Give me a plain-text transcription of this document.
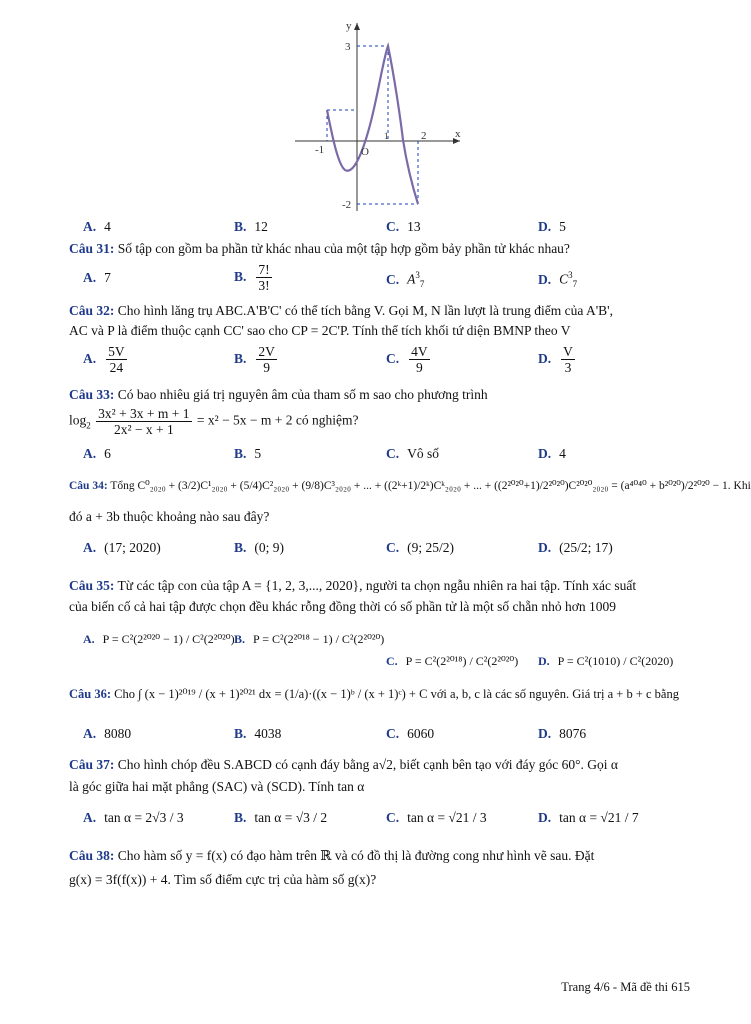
y
x
3
-2
-1
2
O
1
A. 4	B. 12	C. 13	D. 5
Câu 31: Số tập con gồm ba phần tử khác nhau của một tập hợp gồm bảy phần tử khác nhau?
A. 7	B. $\frac{7!}{3!}$	C. $A^3_7$	D. $C^3_7$
Câu 32: Cho hình lăng trụ ABC.A'B'C' có thể tích bằng V. Gọi M, N lần lượt là trung điểm của A'B',
AC và P là điểm thuộc cạnh CC' sao cho CP = 2C'P. Tính thể tích khối tứ diện BMNP theo V
A. $\frac{5V}{24}$	B. $\frac{2V}{9}$	C. $\frac{4V}{9}$	D. $\frac{V}{3}$
Câu 33: Có bao nhiêu giá trị nguyên âm của tham số m sao cho phương trình
$\log_2 \frac{\text{3x² + 3x + m + 1}}{\text{2x² − x + 1}} = x^2 - 5x - m + 2$ có nghiệm?
A. 6	B. 5	C. Vô số	D. 4
Câu 34: Tổng C⁰₂₀₂₀ + (3/2)C¹₂₀₂₀ + (5/4)C²₂₀₂₀ + (9/8)C³₂₀₂₀ + ... + ((2ᵏ+1)/2ᵏ)Cᵏ₂₀₂₀ + ... + ((2²⁰²⁰+1)/2²⁰²⁰)C²⁰²⁰₂₀₂₀ = (a⁴⁰⁴⁰ + b²⁰²⁰)/2²⁰²⁰ − 1. Khi
đó a + 3b thuộc khoảng nào sau đây?
A. (17; 2020)	B. (0; 9)	C. (9; 25/2)	D. (25/2; 17)
Câu 35: Từ các tập con của tập A = {1, 2, 3,..., 2020}, người ta chọn ngẫu nhiên ra hai tập. Tính xác suất
của biến cố cả hai tập được chọn đều khác rỗng đồng thời có số phần tử là một số chẵn nhỏ hơn 1009
A. P = C²(2²⁰²⁰ − 1) / C²(2²⁰²⁰) B. P = C²(2²⁰¹⁸ − 1) / C²(2²⁰²⁰)
C. P = C²(2²⁰¹⁸) / C²(2²⁰²⁰) D. P = C²(1010) / C²(2020)
Câu 36: Cho ∫ (x − 1)²⁰¹⁹ / (x + 1)²⁰²¹ dx = (1/a)·((x − 1)ᵇ / (x + 1)ᶜ) + C với a, b, c là các số nguyên. Giá trị a + b + c bằng
A. 8080	B. 4038	C. 6060	D. 8076
Câu 37: Cho hình chóp đều S.ABCD có cạnh đáy bằng a√2, biết cạnh bên tạo với đáy góc 60°. Gọi α
là góc giữa hai mặt phẳng (SAC) và (SCD). Tính tan α
A. tan α = 2√3 / 3	B. tan α = √3 / 2	C. tan α = √21 / 3	D. tan α = √21 / 7
Câu 38: Cho hàm số y = f(x) có đạo hàm trên ℝ và có đồ thị là đường cong như hình vẽ sau. Đặt
g(x) = 3f(f(x)) + 4. Tìm số điểm cực trị của hàm số g(x)?
Trang 4/6 - Mã đề thi 615
